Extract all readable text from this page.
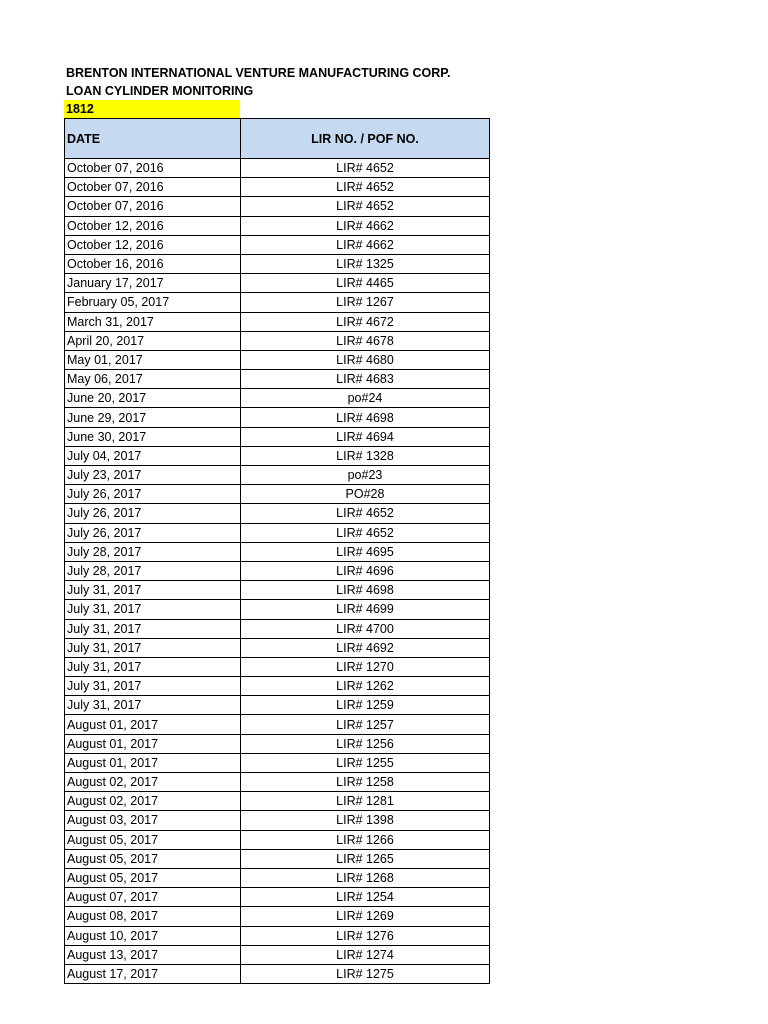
BRENTON INTERNATIONAL VENTURE MANUFACTURING CORP.
LOAN CYLINDER MONITORING
1812
DATE	LIR NO. / POF NO.
October 07, 2016	LIR# 4652
October 07, 2016	LIR# 4652
October 07, 2016	LIR# 4652
October 12, 2016	LIR# 4662
October 12, 2016	LIR# 4662
October 16, 2016	LIR# 1325
January 17, 2017	LIR# 4465
February 05, 2017	LIR# 1267
March 31, 2017	LIR# 4672
April 20, 2017	LIR# 4678
May 01, 2017	LIR# 4680
May 06, 2017	LIR# 4683
June 20, 2017	po#24
June 29, 2017	LIR# 4698
June 30, 2017	LIR# 4694
July 04, 2017	LIR# 1328
July 23, 2017	po#23
July 26, 2017	PO#28
July 26, 2017	LIR# 4652
July 26, 2017	LIR# 4652
July 28, 2017	LIR# 4695
July 28, 2017	LIR# 4696
July 31, 2017	LIR# 4698
July 31, 2017	LIR# 4699
July 31, 2017	LIR# 4700
July 31, 2017	LIR# 4692
July 31, 2017	LIR# 1270
July 31, 2017	LIR# 1262
July 31, 2017	LIR# 1259
August 01, 2017	LIR# 1257
August 01, 2017	LIR# 1256
August 01, 2017	LIR# 1255
August 02, 2017	LIR# 1258
August 02, 2017	LIR# 1281
August 03, 2017	LIR# 1398
August 05, 2017	LIR# 1266
August 05, 2017	LIR# 1265
August 05, 2017	LIR# 1268
August 07, 2017	LIR# 1254
August 08, 2017	LIR# 1269
August 10, 2017	LIR# 1276
August 13, 2017	LIR# 1274
August 17, 2017	LIR# 1275
